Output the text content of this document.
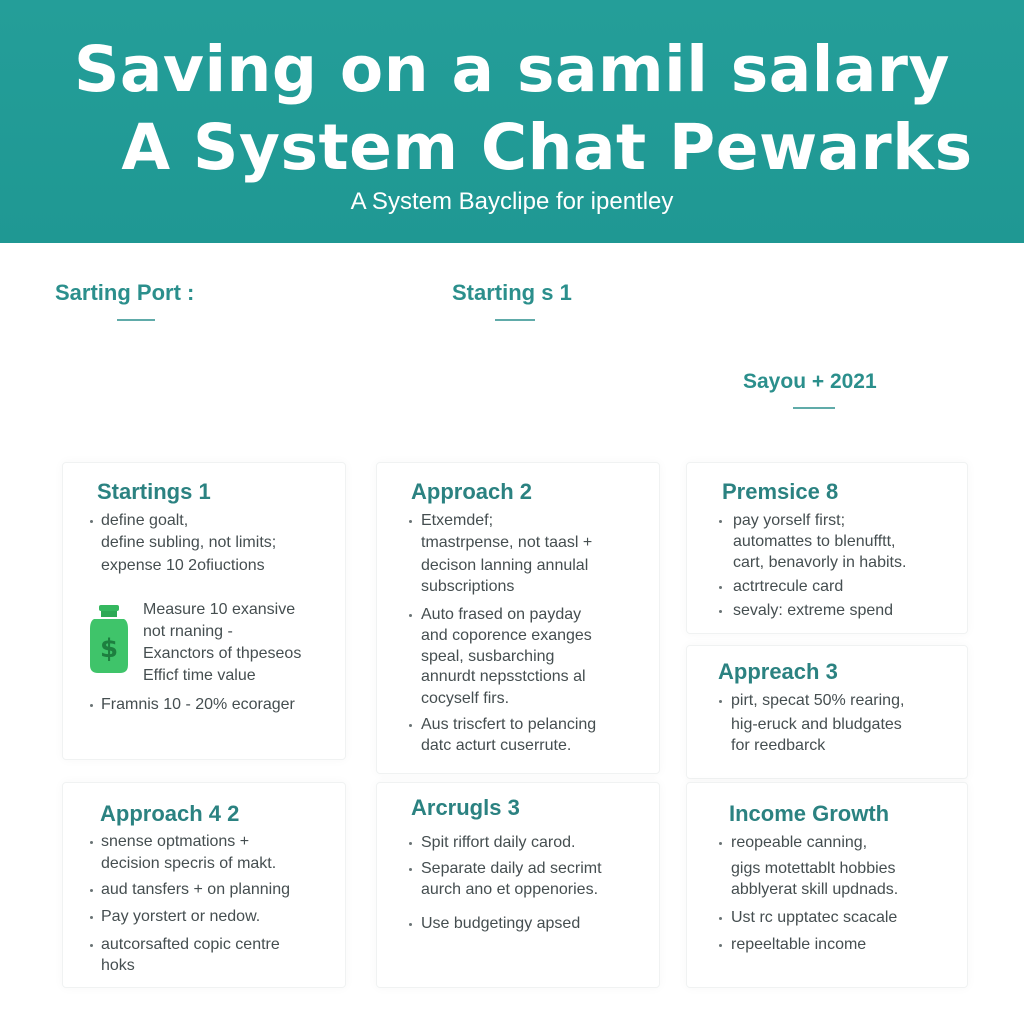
Saving on a samil salary
A System Chat Pewarks
A System Bayclipe for ipentley
Sarting Port :	Starting s 1
Sayou + 2021
Startings 1
define goalt,
define subling, not limits;
expense 10 2ofiuctions
$
Measure 10 exansive
not rnaning -
Exanctors of thpeseos
Efficf time value
Framnis 10 - 20% ecorager
Approach 2
Etxemdef;
tmastrpense, not taasl +
decison lanning annulal
subscriptions
Auto frased on payday
and coporence exanges
speal, susbarching
annurdt nepsstctions al
cocyself firs.
Aus triscfert to pelancing
datc acturt cuserrute.
Premsice 8
pay yorself first;
automattes to blenufftt,
cart, benavorly in habits.
actrtrecule card
sevaly: extreme spend
Appreach 3
pirt, specat 50% rearing,
hig-eruck and bludgates
for reedbarck
Approach 4 2
snense optmations +
decision specris of makt.
aud tansfers + on planning
Pay yorstert or nedow.
autcorsafted copic centre
hoks
Arcrugls 3
Spit riffort daily carod.
Separate daily ad secrimt
aurch ano et oppenories.
Use budgetingy apsed
Income Growth
reopeable canning,
gigs motettablt hobbies
abblyerat skill updnads.
Ust rc upptatec scacale
repeeltable income
